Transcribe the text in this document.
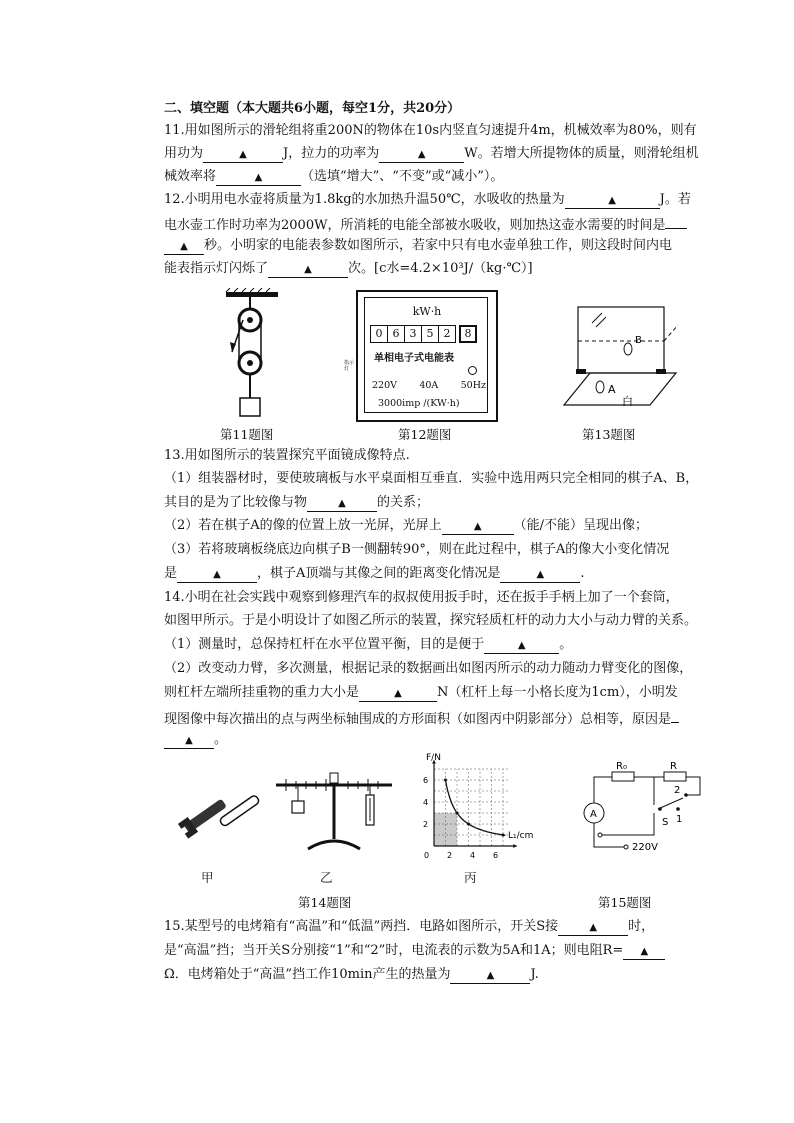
二、填空题（本大题共6小题，每空1分，共20分）
11.用如图所示的滑轮组将重200N的物体在10s内竖直匀速提升4m，机械效率为80%，则有
用功为	▲	J，拉力的功率为	▲	W。若增大所提物体的质量，则滑轮组机
械效率将	▲	（选填“增大”、“不变”或“减小”）。
12.小明用电水壶将质量为1.8kg的水加热升温50℃，水吸收的热量为	▲	J。若
电水壶工作时功率为2000W，所消耗的电能全部被水吸收，则加热这壶水需要的时间是
▲ 秒。小明家的电能表参数如图所示，若家中只有电水壶单独工作，则这段时间内电
能表指示灯闪烁了	▲	次。[c水=4.2×10³J/（kg·℃）]
kW·h
0 6 3 5 2	8
单相电子式电能表
指示灯
220V 40A 50Hz
3000imp /(KW·h)
B
A
白
第11题图	第12题图	第13题图
13.用如图所示的装置探究平面镜成像特点.
（1）组装器材时，要使玻璃板与水平桌面相互垂直．实验中选用两只完全相同的棋子A、B，
其目的是为了比较像与物	▲ 的关系；
（2）若在棋子A的像的位置上放一光屏，光屏上	▲ （能/不能）呈现出像；
（3）若将玻璃板绕底边向棋子B一侧翻转90°，则在此过程中，棋子A的像大小变化情况
是	▲	，棋子A顶端与其像之间的距离变化情况是	▲	.
14.小明在社会实践中观察到修理汽车的叔叔使用扳手时，还在扳手手柄上加了一个套筒，
如图甲所示。于是小明设计了如图乙所示的装置，探究轻质杠杆的动力大小与动力臂的关系。
（1）测量时，总保持杠杆在水平位置平衡，目的是便于	▲	。
（2）改变动力臂，多次测量，根据记录的数据画出如图丙所示的动力随动力臂变化的图像，
则杠杆左端所挂重物的重力大小是	▲	N（杠杆上每一小格长度为1cm），小明发
现图像中每次描出的点与两坐标轴围成的方形面积（如图丙中阴影部分）总相等，原因是
▲ 。
F/N
L₁/cm
0 2 4 6
2
4
6
R₀	R
2
1
S
A
220V
甲	乙	丙
第14题图	第15题图
15.某型号的电烤箱有“高温”和“低温”两挡．电路如图所示，开关S接	▲ 时，
是“高温”挡；当开关S分别接“1”和“2”时，电流表的示数为5A和1A；则电阻R= ▲
Ω．电烤箱处于“高温”挡工作10min产生的热量为	▲	J.
